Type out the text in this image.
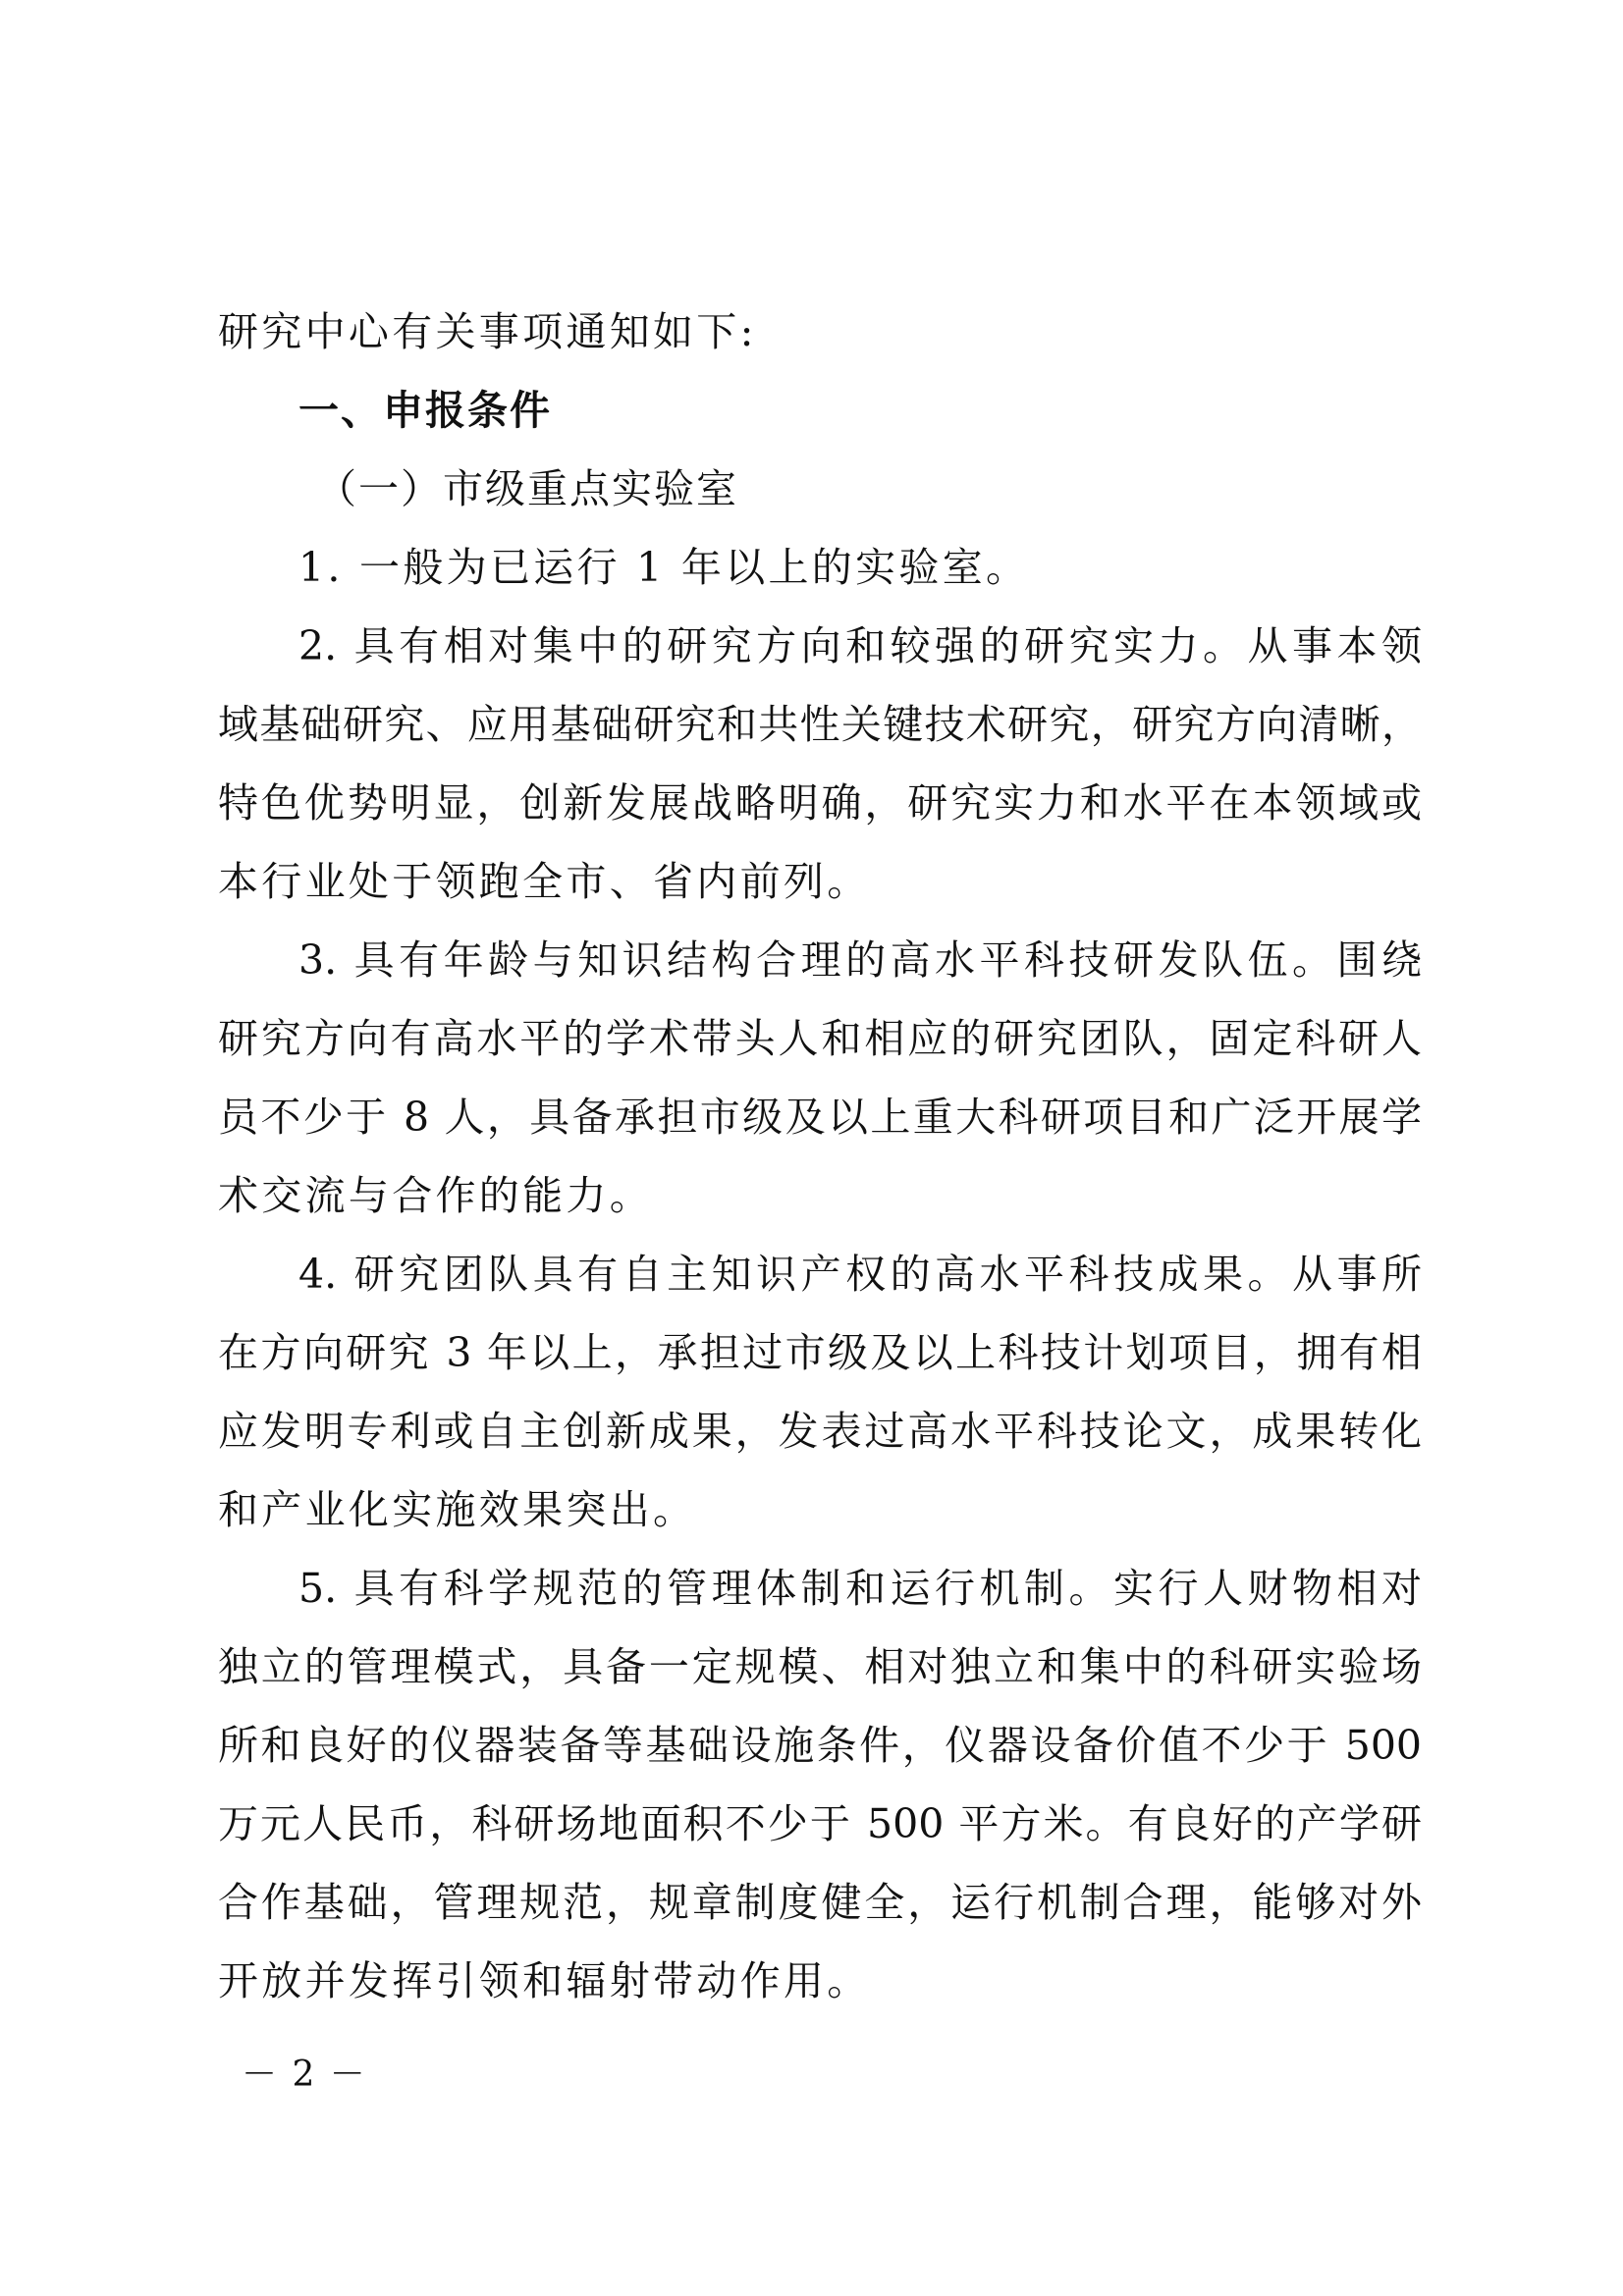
研究中心有关事项通知如下:

一、申报条件

（一）市级重点实验室

1. 一般为已运行 1 年以上的实验室。

2. 具有相对集中的研究方向和较强的研究实力。从事本领

域基础研究、应用基础研究和共性关键技术研究，研究方向清晰，

特色优势明显，创新发展战略明确，研究实力和水平在本领域或

本行业处于领跑全市、省内前列。

3. 具有年龄与知识结构合理的高水平科技研发队伍。围绕

研究方向有高水平的学术带头人和相应的研究团队，固定科研人

员不少于 8 人，具备承担市级及以上重大科研项目和广泛开展学

术交流与合作的能力。

4. 研究团队具有自主知识产权的高水平科技成果。从事所

在方向研究 3 年以上，承担过市级及以上科技计划项目，拥有相

应发明专利或自主创新成果，发表过高水平科技论文，成果转化

和产业化实施效果突出。

5. 具有科学规范的管理体制和运行机制。实行人财物相对

独立的管理模式，具备一定规模、相对独立和集中的科研实验场

所和良好的仪器装备等基础设施条件，仪器设备价值不少于 500

万元人民币，科研场地面积不少于 500 平方米。有良好的产学研

合作基础，管理规范，规章制度健全，运行机制合理，能够对外

开放并发挥引领和辐射带动作用。

－ 2 －
